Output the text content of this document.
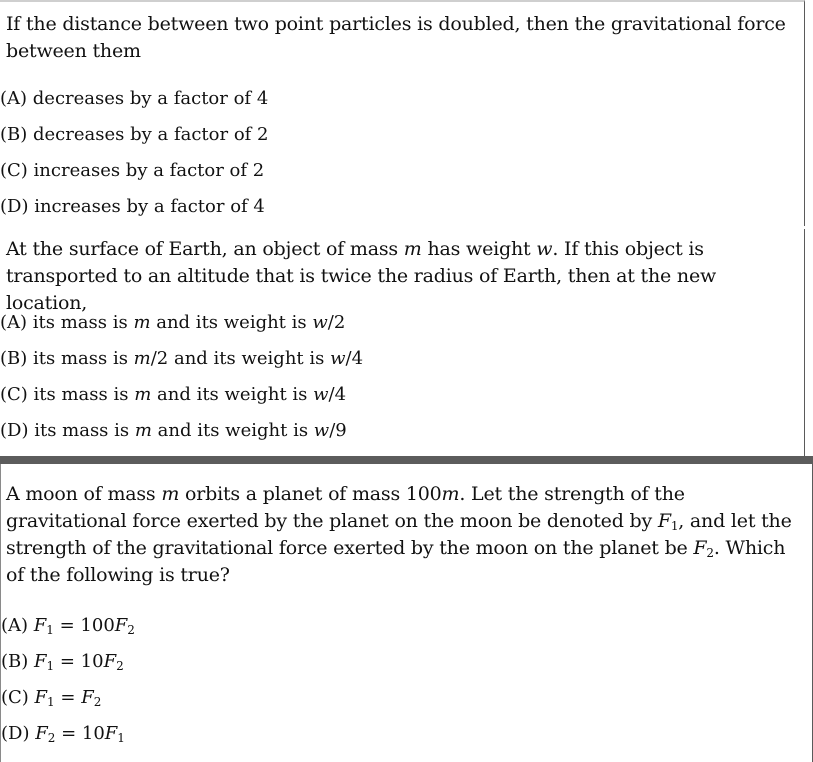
If the distance between two point particles is doubled, then the gravitational force between them

(A) decreases by a factor of 4
(B) decreases by a factor of 2
(C) increases by a factor of 2
(D) increases by a factor of 4

At the surface of Earth, an object of mass m has weight w. If this object is transported to an altitude that is twice the radius of Earth, then at the new location,

(A) its mass is m and its weight is w/2
(B) its mass is m/2 and its weight is w/4
(C) its mass is m and its weight is w/4
(D) its mass is m and its weight is w/9

A moon of mass m orbits a planet of mass 100m. Let the strength of the gravitational force exerted by the planet on the moon be denoted by $F_1$, and let the strength of the gravitational force exerted by the moon on the planet be $F_2$. Which of the following is true?

(A) $F_1 = 100F_2$
(B) $F_1 = 10F_2$
(C) $F_1 = F_2$
(D) $F_2 = 10F_1$
